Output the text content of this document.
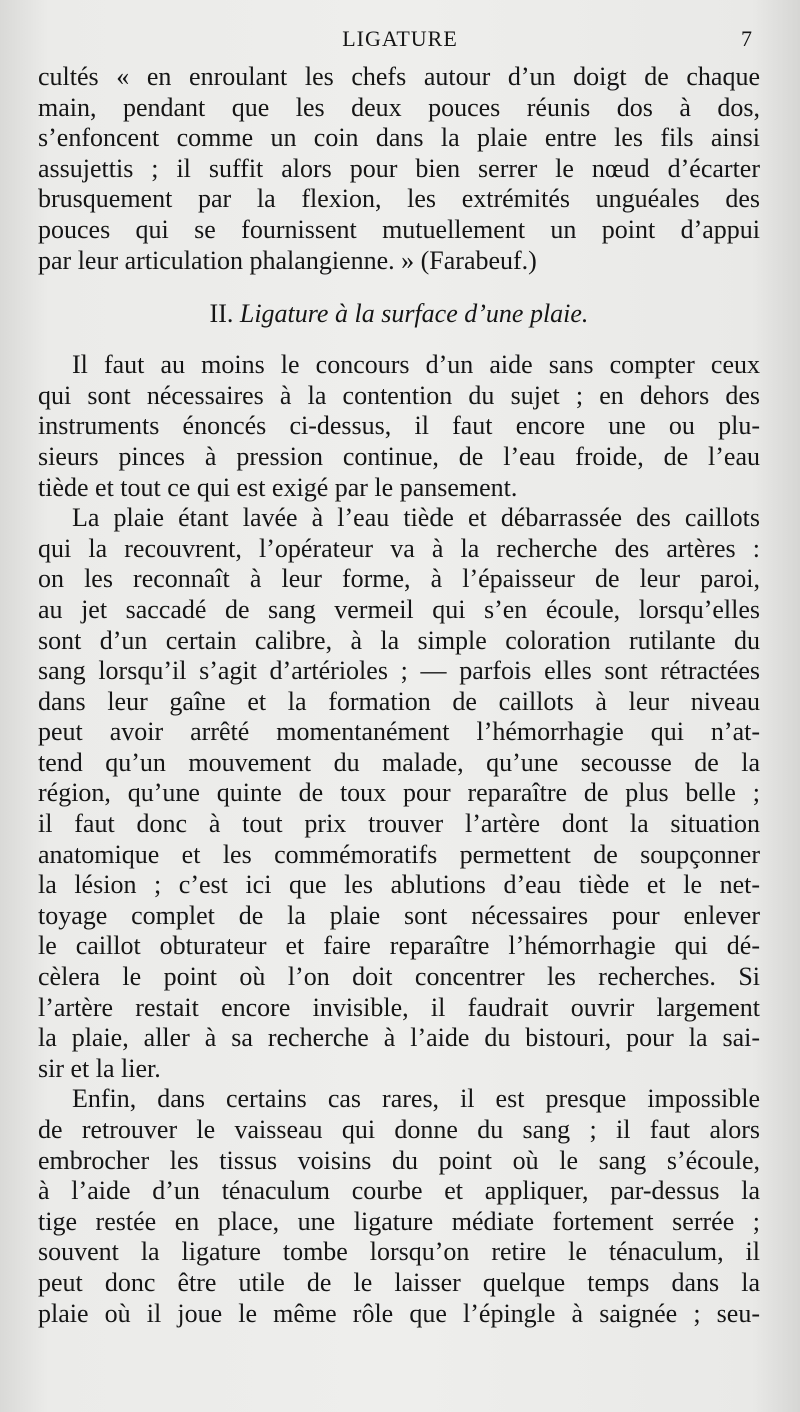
LIGATURE	7
cultés « en enroulant les chefs autour d’un doigt de chaque
main, pendant que les deux pouces réunis dos à dos,
s’enfoncent comme un coin dans la plaie entre les fils ainsi
assujettis ; il suffit alors pour bien serrer le nœud d’écarter
brusquement par la flexion, les extrémités unguéales des
pouces qui se fournissent mutuellement un point d’appui
par leur articulation phalangienne. » (Farabeuf.)
II. Ligature à la surface d’une plaie.
Il faut au moins le concours d’un aide sans compter ceux
qui sont nécessaires à la contention du sujet ; en dehors des
instruments énoncés ci-dessus, il faut encore une ou plu-
sieurs pinces à pression continue, de l’eau froide, de l’eau
tiède et tout ce qui est exigé par le pansement.
La plaie étant lavée à l’eau tiède et débarrassée des caillots
qui la recouvrent, l’opérateur va à la recherche des artères :
on les reconnaît à leur forme, à l’épaisseur de leur paroi,
au jet saccadé de sang vermeil qui s’en écoule, lorsqu’elles
sont d’un certain calibre, à la simple coloration rutilante du
sang lorsqu’il s’agit d’artérioles ; — parfois elles sont rétractées
dans leur gaîne et la formation de caillots à leur niveau
peut avoir arrêté momentanément l’hémorrhagie qui n’at-
tend qu’un mouvement du malade, qu’une secousse de la
région, qu’une quinte de toux pour reparaître de plus belle ;
il faut donc à tout prix trouver l’artère dont la situation
anatomique et les commémoratifs permettent de soupçonner
la lésion ; c’est ici que les ablutions d’eau tiède et le net-
toyage complet de la plaie sont nécessaires pour enlever
le caillot obturateur et faire reparaître l’hémorrhagie qui dé-
cèlera le point où l’on doit concentrer les recherches. Si
l’artère restait encore invisible, il faudrait ouvrir largement
la plaie, aller à sa recherche à l’aide du bistouri, pour la sai-
sir et la lier.
Enfin, dans certains cas rares, il est presque impossible
de retrouver le vaisseau qui donne du sang ; il faut alors
embrocher les tissus voisins du point où le sang s’écoule,
à l’aide d’un ténaculum courbe et appliquer, par-dessus la
tige restée en place, une ligature médiate fortement serrée ;
souvent la ligature tombe lorsqu’on retire le ténaculum, il
peut donc être utile de le laisser quelque temps dans la
plaie où il joue le même rôle que l’épingle à saignée ; seu-
